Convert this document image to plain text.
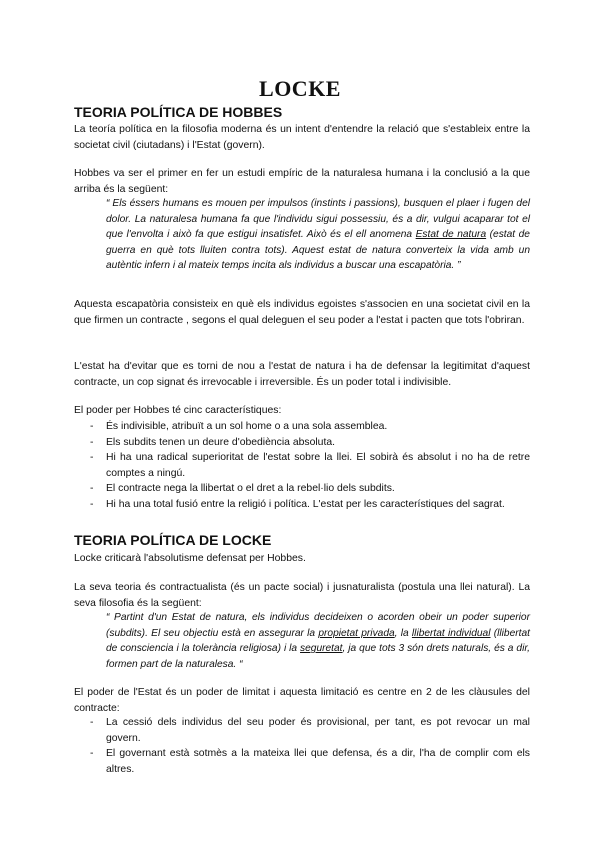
LOCKE
TEORIA POLÍTICA DE HOBBES
La teoría política en la filosofia moderna és un intent d'entendre la relació que s'estableix entre la societat civil (ciutadans) i l'Estat (govern).
Hobbes va ser el primer en fer un estudi empíric de la naturalesa humana i la conclusió a la que arriba és la següent:
“ Els éssers humans es mouen per impulsos (instints i passions), busquen el plaer i fugen del dolor. La naturalesa humana fa que l'individu sigui possessiu, és a dir, vulgui acaparar tot el que l'envolta i això fa que estigui insatisfet. Això és el ell anomena Estat de natura (estat de guerra en què tots lluiten contra tots). Aquest estat de natura converteix la vida amb un autèntic infern i al mateix temps incita als individus a buscar una escapatòria. ”
Aquesta escapatòria consisteix en què els individus egoistes s'associen en una societat civil en la que firmen un contracte , segons el qual deleguen el seu poder a l'estat i pacten que tots l'obriran.
L'estat ha d'evitar que es torni de nou a l'estat de natura i ha de defensar la legitimitat d'aquest contracte, un cop signat és irrevocable i irreversible. És un poder total i indivisible.
El poder per Hobbes té cinc característiques:
- És indivisible, atribuït a un sol home o a una sola assemblea.
- Els subdits tenen un deure d'obediència absoluta.
- Hi ha una radical superioritat de l'estat sobre la llei. El sobirà és absolut i no ha de retre comptes a ningú.
- El contracte nega la llibertat o el dret a la rebel·lio dels subdits.
- Hi ha una total fusió entre la religió i política. L'estat per les característiques del sagrat.
TEORIA POLÍTICA DE LOCKE
Locke criticarà l'absolutisme defensat per Hobbes.
La seva teoria és contractualista (és un pacte social) i jusnaturalista (postula una llei natural). La seva filosofia és la següent:
“ Partint d'un Estat de natura, els individus decideixen o acorden obeir un poder superior (subdits). El seu objectiu està en assegurar la propietat privada, la llibertat individual (llibertat de consciencia i la tolerància religiosa) i la seguretat, ja que tots 3 són drets naturals, és a dir, formen part de la naturalesa. “
El poder de l'Estat és un poder de limitat i aquesta limitació es centre en 2 de les clàusules del contracte:
- La cessió dels individus del seu poder és provisional, per tant, es pot revocar un mal govern.
- El governant està sotmès a la mateixa llei que defensa, és a dir, l'ha de complir com els altres.
